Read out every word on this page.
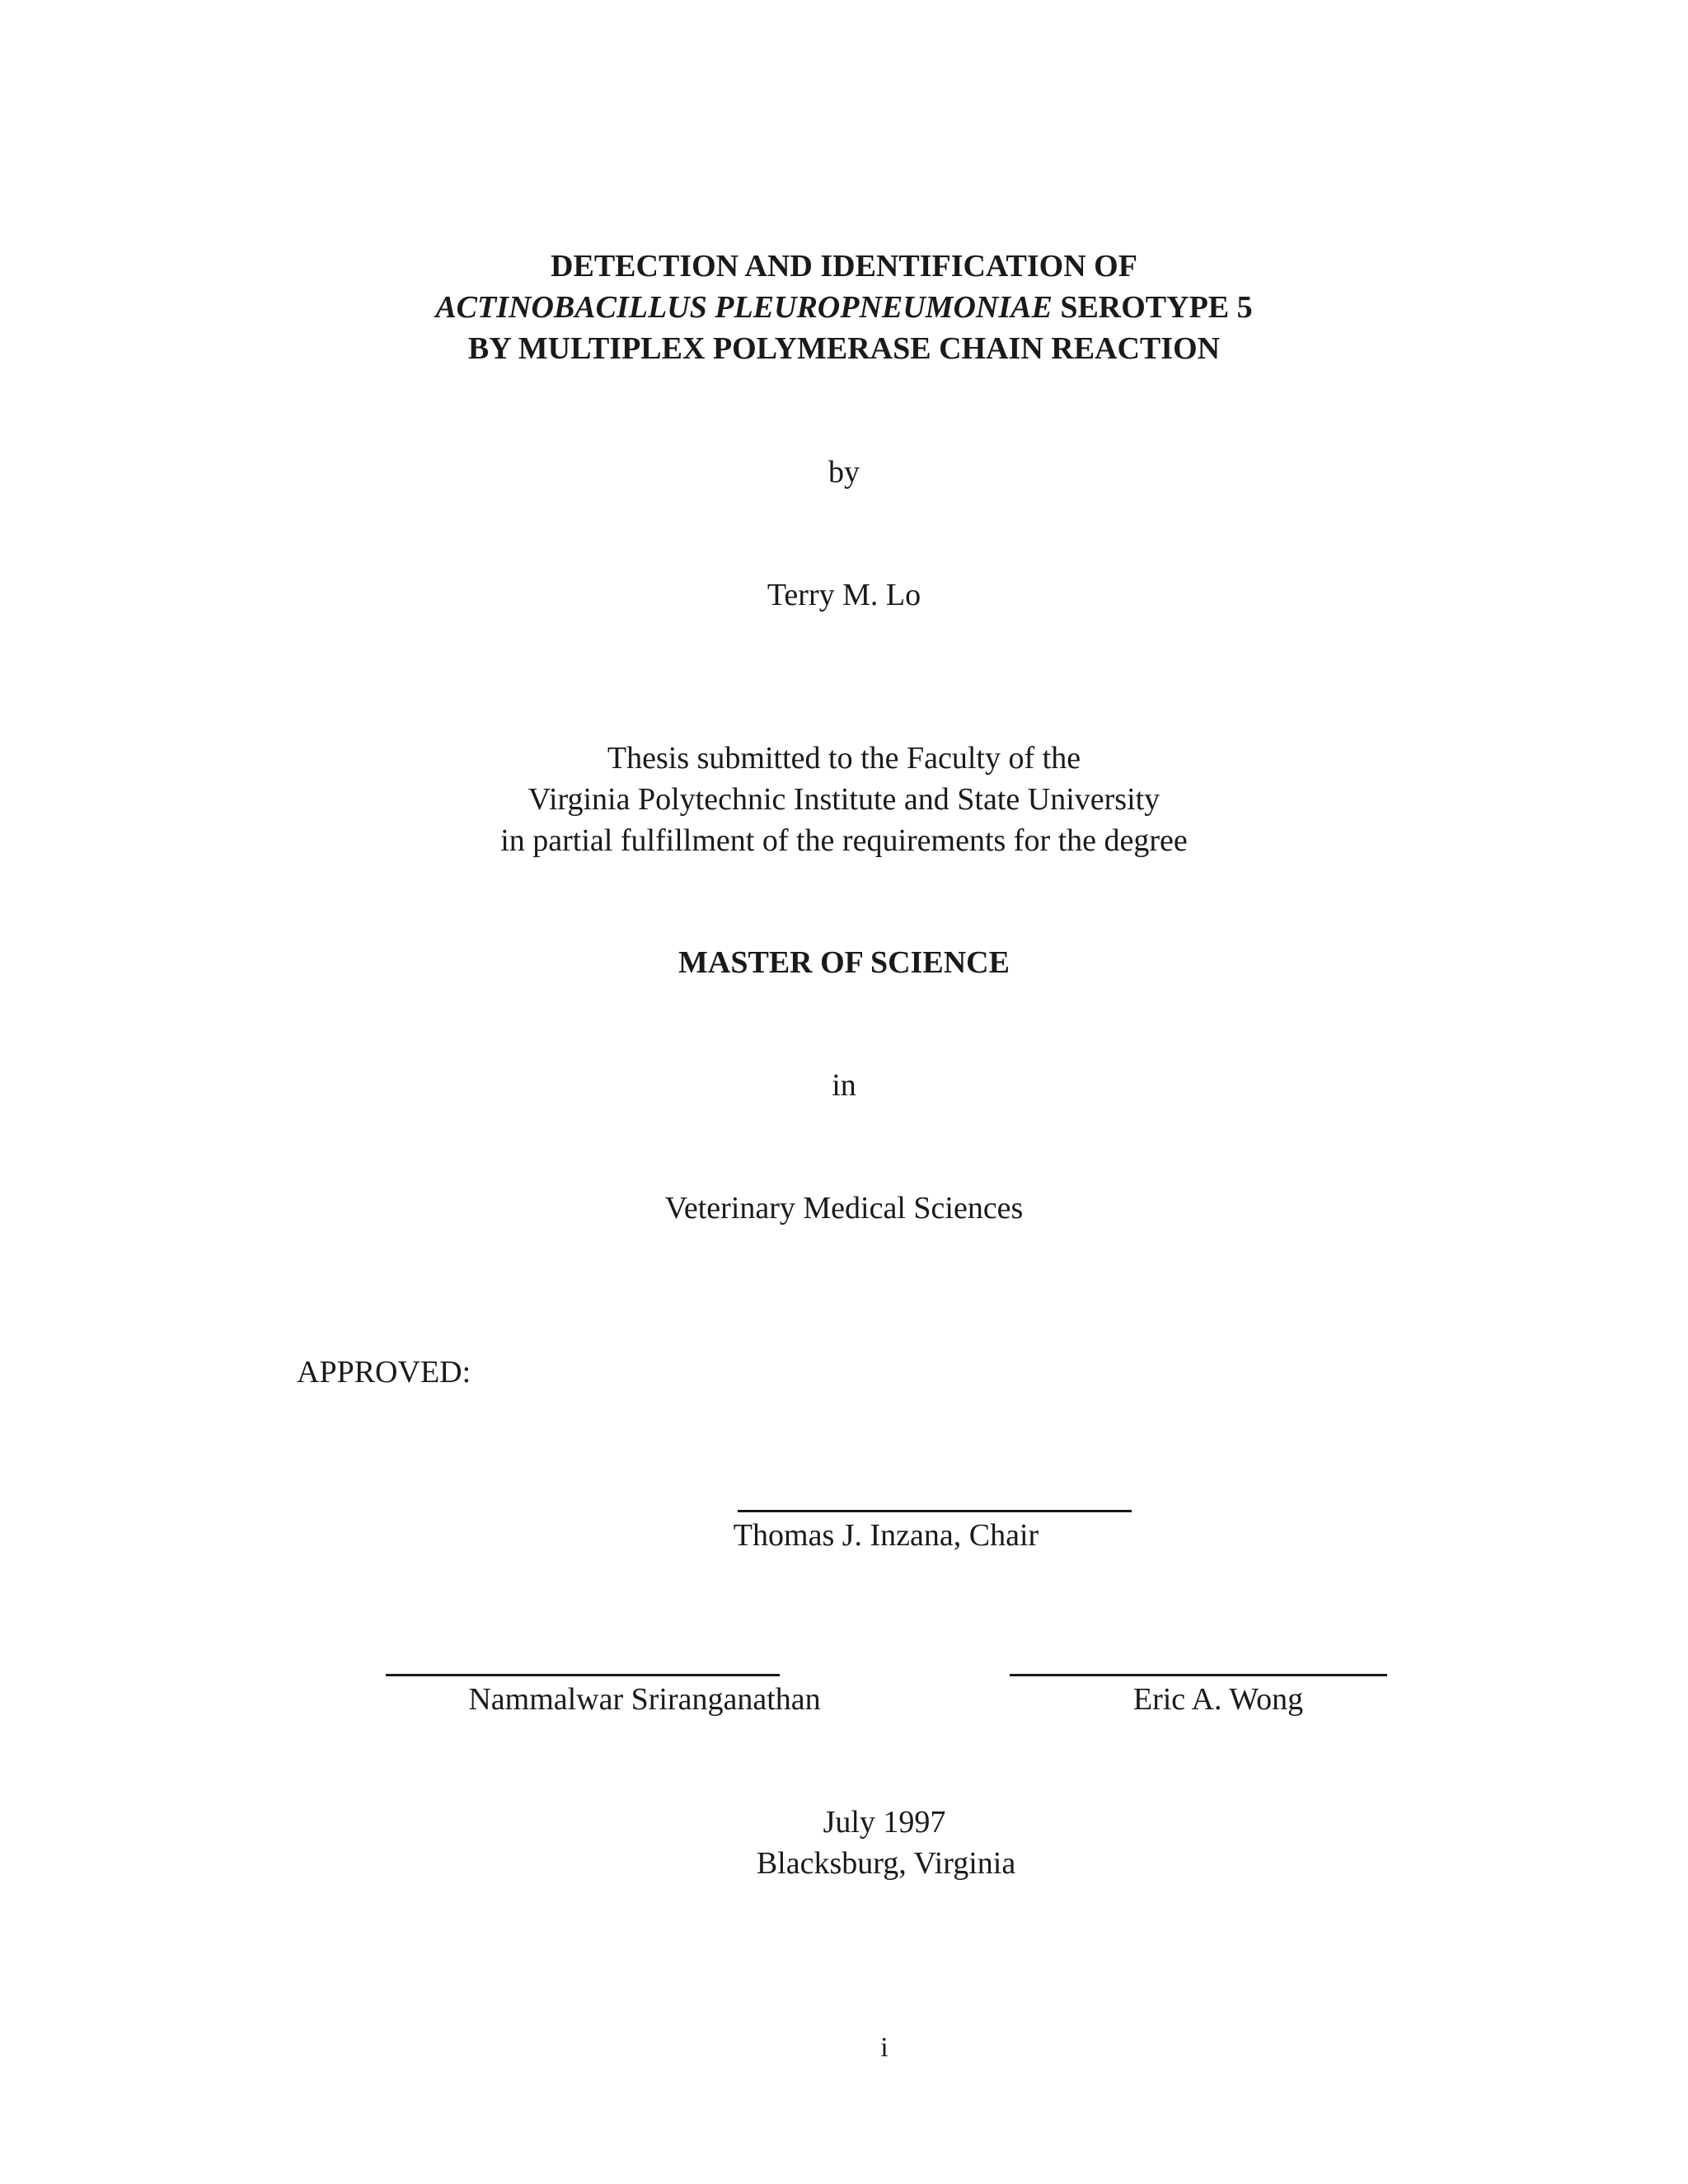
DETECTION AND IDENTIFICATION OF
ACTINOBACILLUS PLEUROPNEUMONIAE SEROTYPE 5
BY MULTIPLEX POLYMERASE CHAIN REACTION
by
Terry M. Lo
Thesis submitted to the Faculty of the
Virginia Polytechnic Institute and State University
in partial fulfillment of the requirements for the degree
MASTER OF SCIENCE
in
Veterinary Medical Sciences
APPROVED:
Thomas J. Inzana, Chair
Nammalwar Sriranganathan	Eric A. Wong
July 1997
Blacksburg, Virginia
i
